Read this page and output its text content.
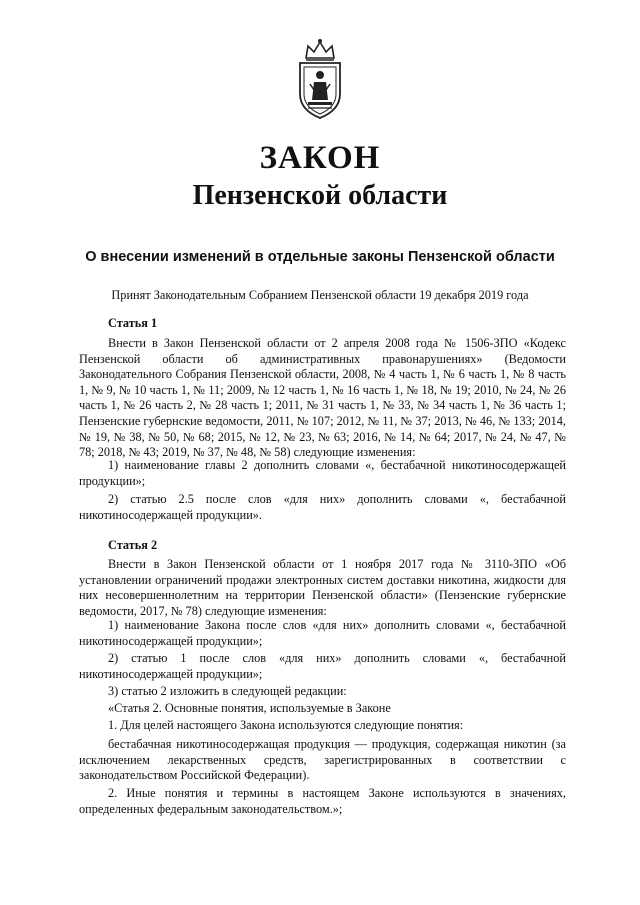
ЗАКОН
Пензенской области
О внесении изменений в отдельные законы Пензенской области
Принят Законодательным Собранием Пензенской области 19 декабря 2019 года
Статья 1

Внести в Закон Пензенской области от 2 апреля 2008 года № 1506-ЗПО «Кодекс Пензенской области об административных правонарушениях» (Ведомости Законодательного Собрания Пензенской области, 2008, № 4 часть 1, № 6 часть 1, № 8 часть 1, № 9, № 10 часть 1, № 11; 2009, № 12 часть 1, № 16 часть 1, № 18, № 19; 2010, № 24, № 26 часть 1, № 26 часть 2, № 28 часть 1; 2011, № 31 часть 1, № 33, № 34 часть 1, № 36 часть 1; Пензенские губернские ведомости, 2011, № 107; 2012, № 11, № 37; 2013, № 46, № 133; 2014, № 19, № 38, № 50, № 68; 2015, № 12, № 23, № 63; 2016, № 14, № 64; 2017, № 24, № 47, № 78; 2018, № 43; 2019, № 37, № 48, № 58) следующие изменения:

1) наименование главы 2 дополнить словами «, бестабачной никотиносодержащей продукции»;

2) статью 2.5 после слов «для них» дополнить словами «, бестабачной никотиносодержащей продукции».

Статья 2

Внести в Закон Пензенской области от 1 ноября 2017 года № 3110-ЗПО «Об установлении ограничений продажи электронных систем доставки никотина, жидкости для них несовершеннолетним на территории Пензенской области» (Пензенские губернские ведомости, 2017, № 78) следующие изменения:

1) наименование Закона после слов «для них» дополнить словами «, бестабачной никотиносодержащей продукции»;

2) статью 1 после слов «для них» дополнить словами «, бестабачной никотиносодержащей продукции»;

3) статью 2 изложить в следующей редакции:

«Статья 2. Основные понятия, используемые в Законе

1. Для целей настоящего Закона используются следующие понятия:

бестабачная никотиносодержащая продукция — продукция, содержащая никотин (за исключением лекарственных средств, зарегистрированных в соответствии с законодательством Российской Федерации).

2. Иные понятия и термины в настоящем Законе используются в значениях, определенных федеральным законодательством.»;
